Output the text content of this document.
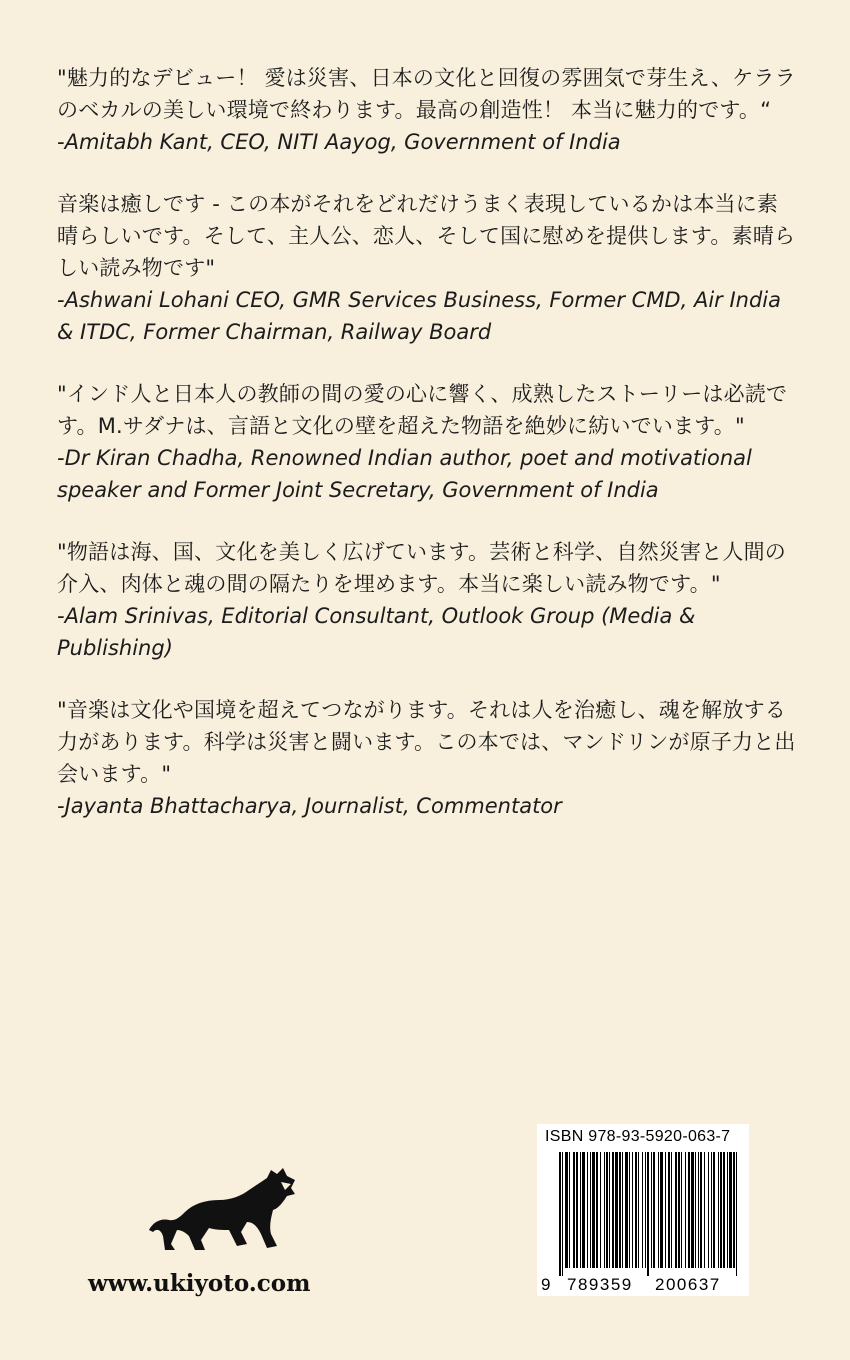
"魅力的なデビュー！ 愛は災害、日本の文化と回復の雰囲気で芽生え、ケララのベカルの美しい環境で終わります。最高の創造性！ 本当に魅力的です。“

-Amitabh Kant, CEO, NITI Aayog, Government of India

音楽は癒しです - この本がそれをどれだけうまく表現しているかは本当に素晴らしいです。そして、主人公、恋人、そして国に慰めを提供します。素晴らしい読み物です"

-Ashwani Lohani CEO, GMR Services Business, Former CMD, Air India & ITDC, Former Chairman, Railway Board

"インド人と日本人の教師の間の愛の心に響く、成熟したストーリーは必読です。M.サダナは、言語と文化の壁を超えた物語を絶妙に紡いでいます。"

-Dr Kiran Chadha, Renowned Indian author, poet and motivational speaker and Former Joint Secretary, Government of India

"物語は海、国、文化を美しく広げています。芸術と科学、自然災害と人間の介入、肉体と魂の間の隔たりを埋めます。本当に楽しい読み物です。"

-Alam Srinivas, Editorial Consultant, Outlook Group (Media & Publishing)

"音楽は文化や国境を超えてつながります。それは人を治癒し、魂を解放する力があります。科学は災害と闘います。この本では、マンドリンが原子力と出会います。"

-Jayanta Bhattacharya, Journalist, Commentator

www.ukiyoto.com
ISBN 978-93-5920-063-7
9 789359 200637
